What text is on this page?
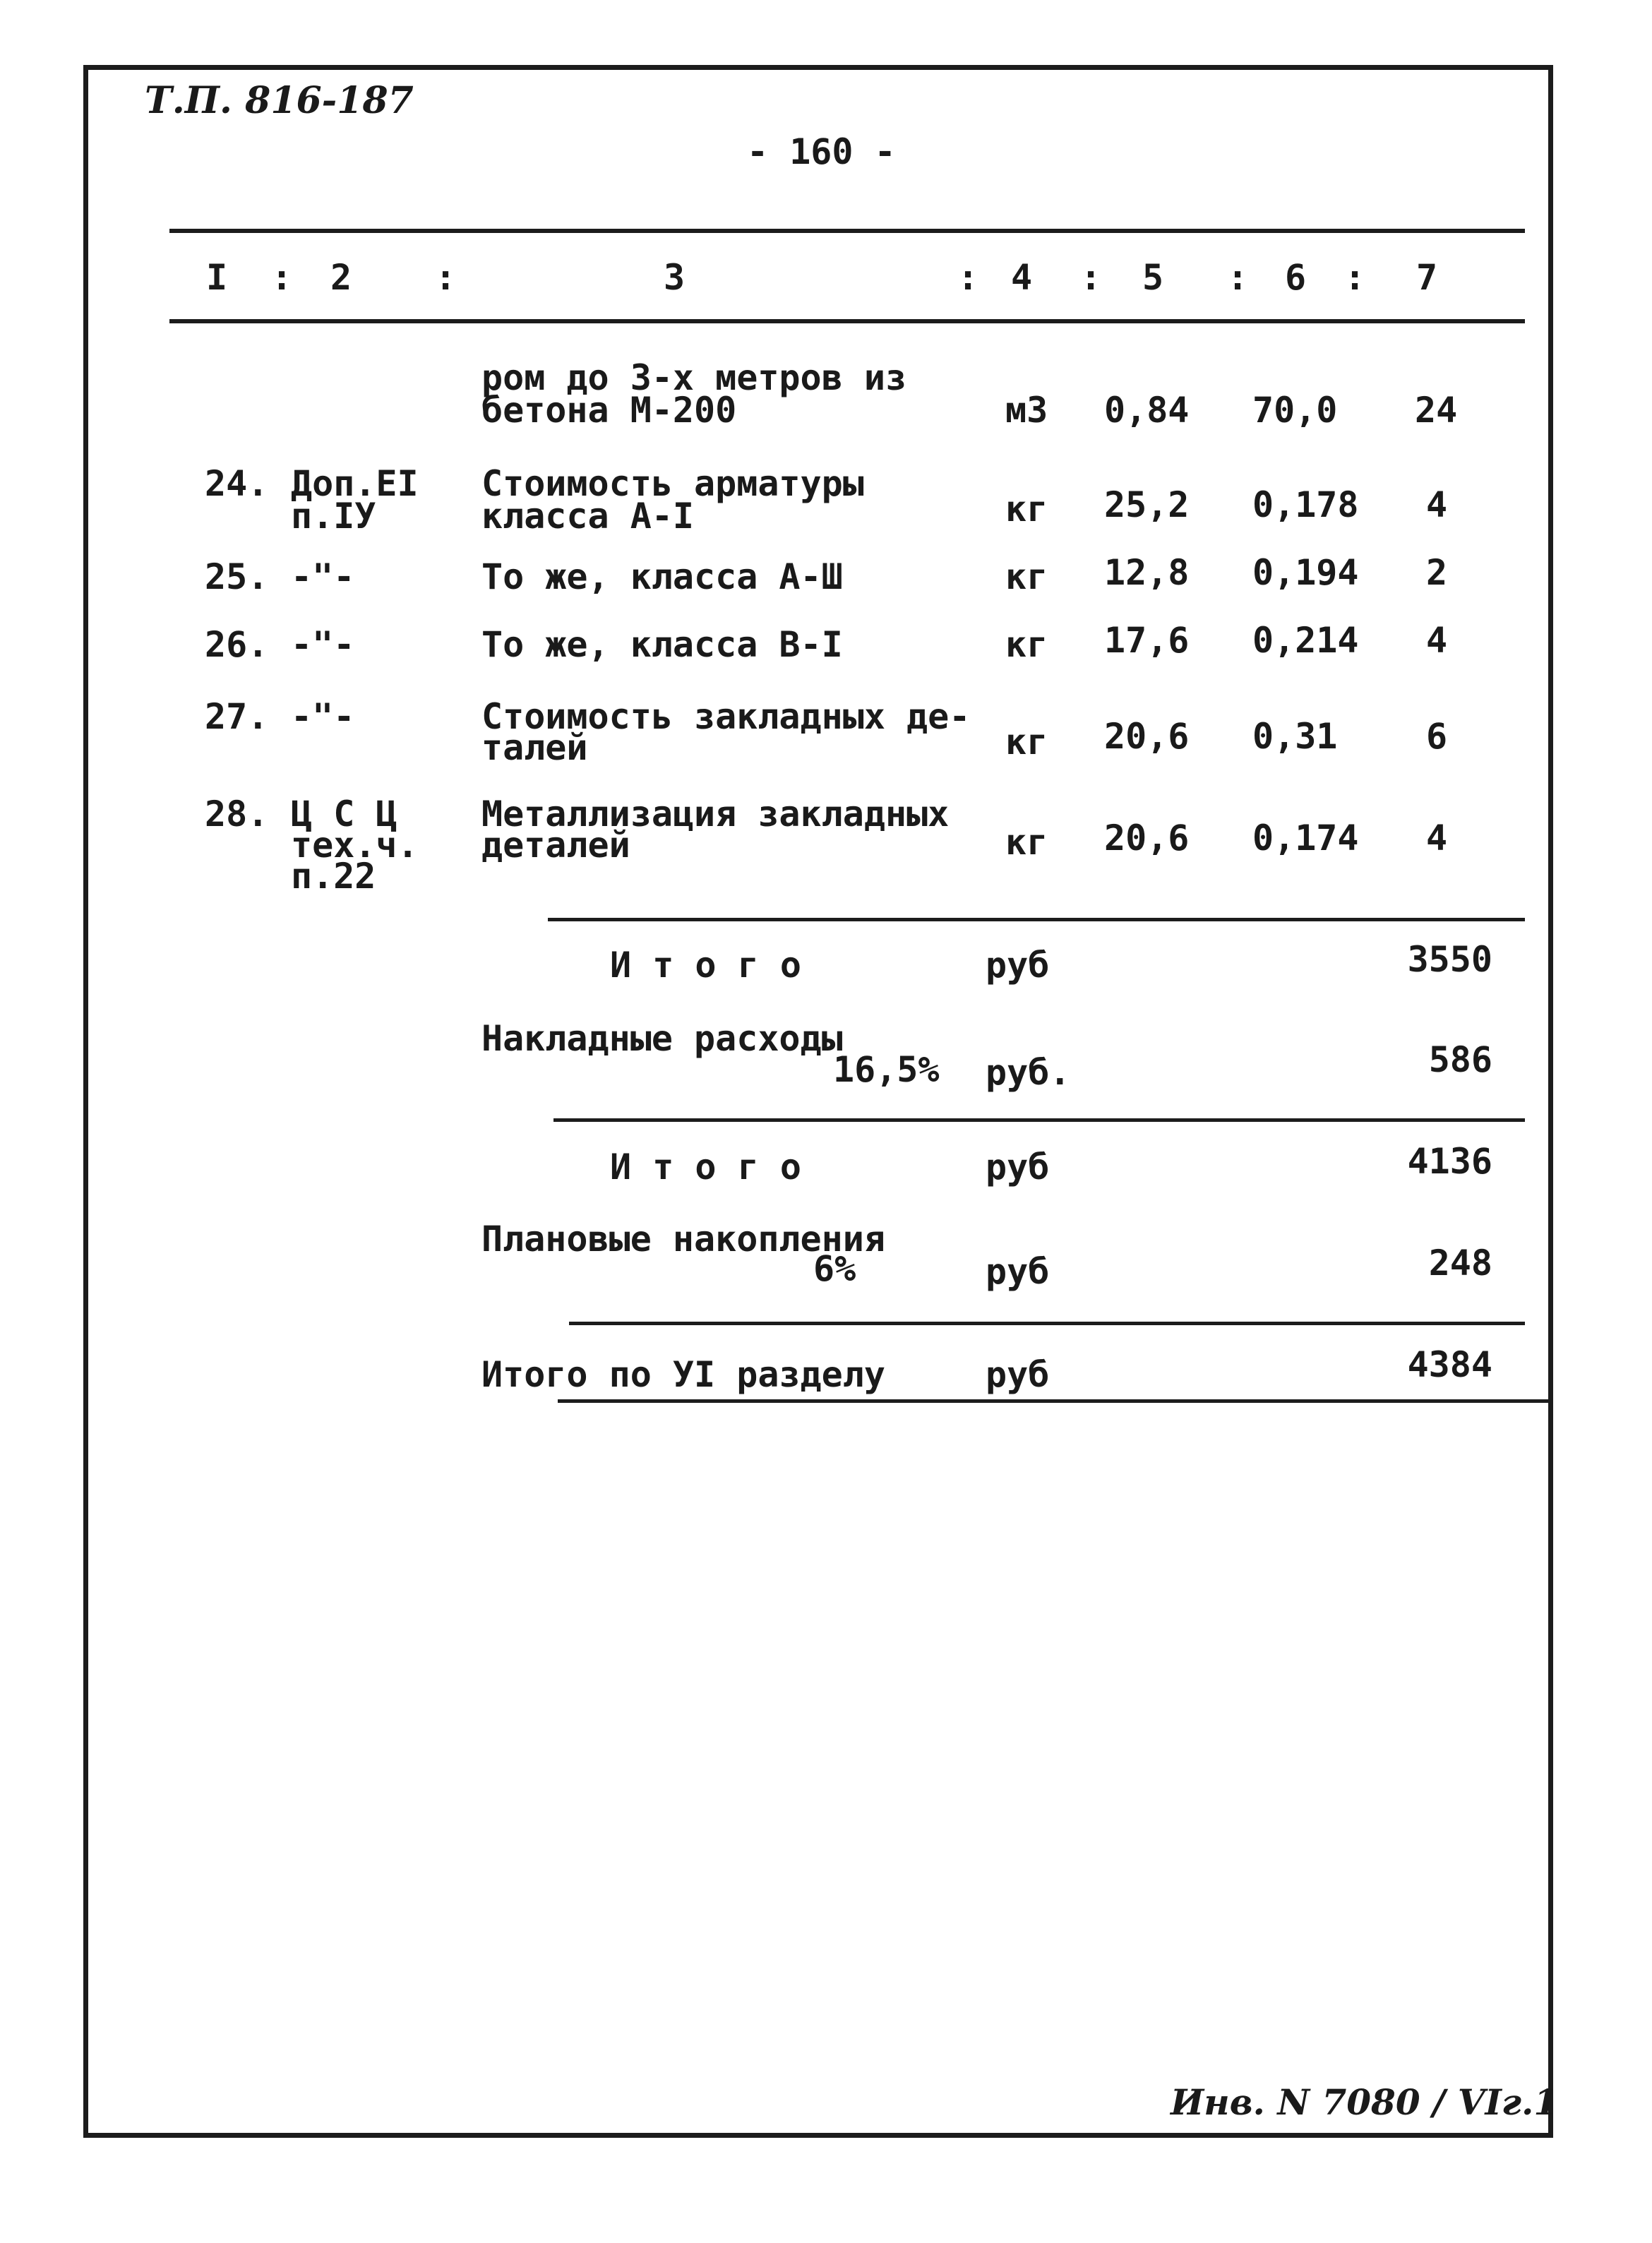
Т.П. 816-187
- 160 -
I : 2 :	3	: 4 : 5 : 6 : 7
ром до 3-х метров из
бетона М-200	м3 0,84 70,0 24
24. Доп.ЕI
п.IУ
Стоимость арматуры
класса А-I	кг 25,2 0,178 4
25. -"-	То же, класса А-Ш	кг 12,8 0,194 2
26. -"-	То же, класса В-I	кг 17,6 0,214 4
27. -"-	Стоимость закладных де-
талей	кг 20,6 0,31	6
28. Ц С Ц
тех.ч.
п.22
Металлизация закладных
деталей	кг 20,6 0,174 4
И т о г о	руб	3550
Накладные расходы
16,5% руб.	586
И т о г о	руб	4136
Плановые накопления
6%	руб	248
Итого по УI разделу	руб	4384
Инв. N 7080 / VIг.1
